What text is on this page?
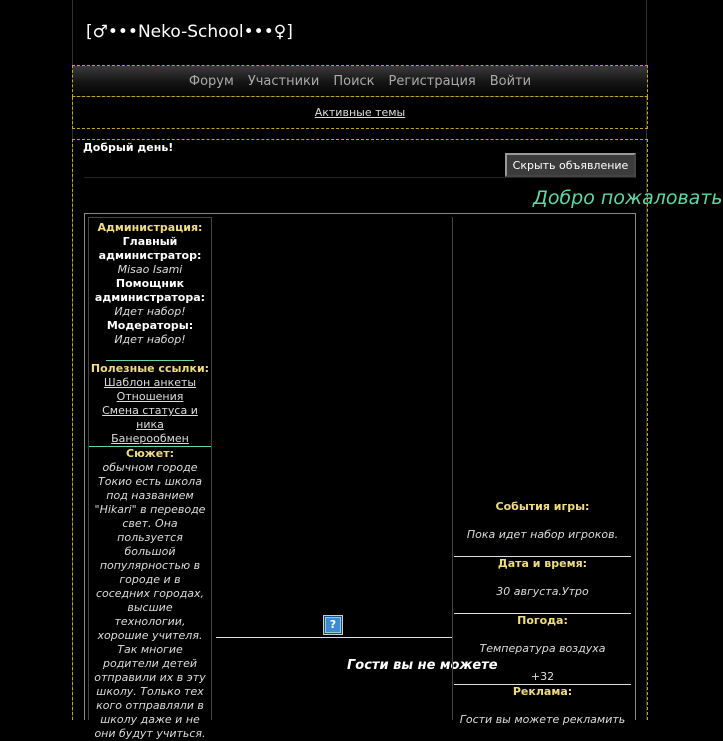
[♂•••Neko-School•••♀]
Форум Участники Поиск Регистрация Войти
Активные темы
Добрый день!
Скрыть объявление
Добро пожаловать
Администрация:
Главный администратор:
Misao Isami
Помощник администратора:
Идет набор!
Модераторы:
Идет набор!
Полезные ссылки:
Шаблон анкеты
Отношения
Смена статуса и ника
Банерообмен
Сюжет:
обычном городе Токио есть школа под названием "Hikari" в переводе свет. Она пользуется большой популярностью в городе и в соседних городах, высшие технологии, хорошие учителя. Так многие родители детей отправили их в эту школу. Только тех кого отправляли в школу даже и не они будут учиться.
?
Гости вы не можете
События игры:
Пока идет набор игроков.
Дата и время:
30 августа.Утро
Погода:
Температура воздуха
+32
Реклама:
Гости вы можете рекламить
